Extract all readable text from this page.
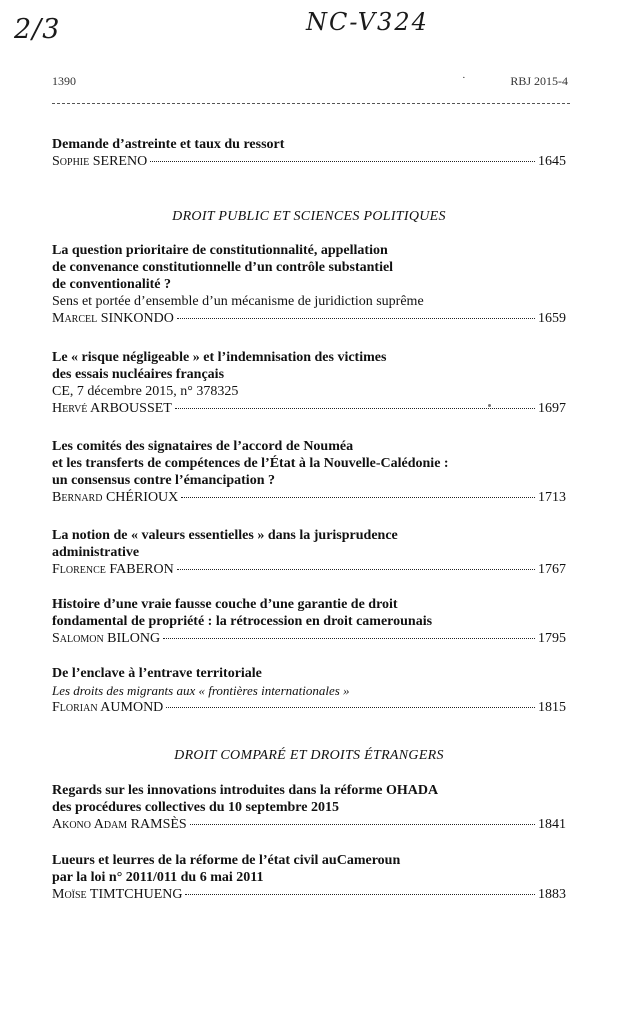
2/3	NC-V324
1390	·	RBJ 2015-4

Demande d’astreinte et taux du ressort

Sophie SERENO	1645
DROIT PUBLIC ET SCIENCES POLITIQUES

La question prioritaire de constitutionnalité, appellation

de convenance constitutionnelle d’un contrôle substantiel

de conventionalité ?

Sens et portée d’ensemble d’un mécanisme de juridiction suprême

Marcel SINKONDO	1659

Le « risque négligeable » et l’indemnisation des victimes

des essais nucléaires français

CE, 7 décembre 2015, n° 378325

Hervé ARBOUSSET	1697

Les comités des signataires de l’accord de Nouméa

et les transferts de compétences de l’État à la Nouvelle-Calédonie :

un consensus contre l’émancipation ?

Bernard CHÉRIOUX	1713

La notion de « valeurs essentielles » dans la jurisprudence

administrative

Florence FABERON	1767

Histoire d’une vraie fausse couche d’une garantie de droit

fondamental de propriété : la rétrocession en droit camerounais

Salomon BILONG	1795

De l’enclave à l’entrave territoriale

Les droits des migrants aux « frontières internationales »

Florian AUMOND	1815
DROIT COMPARÉ ET DROITS ÉTRANGERS

Regards sur les innovations introduites dans la réforme OHADA

des procédures collectives du 10 septembre 2015

Akono Adam RAMSÈS	1841

Lueurs et leurres de la réforme de l’état civil auCameroun

par la loi n° 2011/011 du 6 mai 2011

Moïse TIMTCHUENG	1883
